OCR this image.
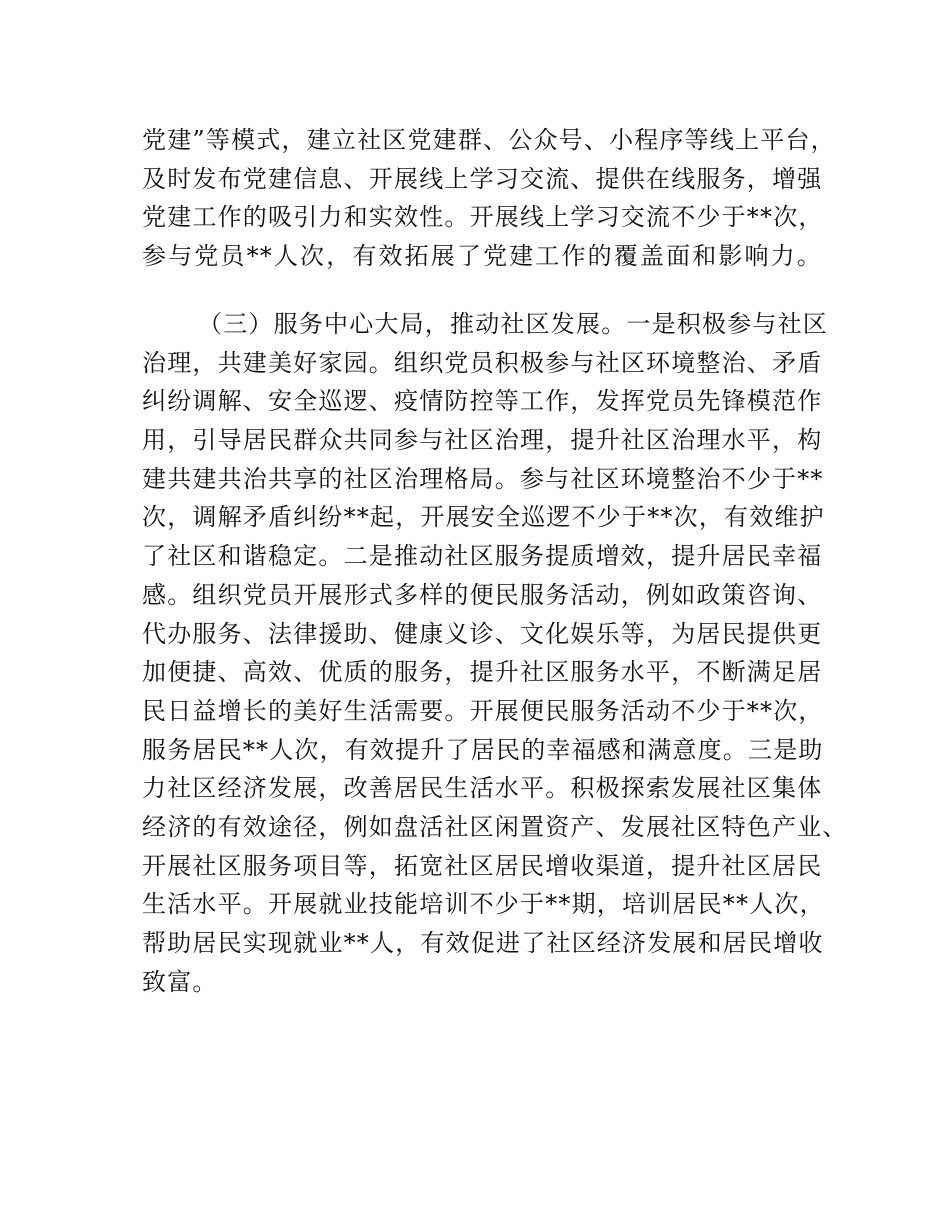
党建”等模式，建立社区党建群、公众号、小程序等线上平台，
及时发布党建信息、开展线上学习交流、提供在线服务，增强
党建工作的吸引力和实效性。开展线上学习交流不少于**次，
参与党员**人次，有效拓展了党建工作的覆盖面和影响力。
（三）服务中心大局，推动社区发展。一是积极参与社区
治理，共建美好家园。组织党员积极参与社区环境整治、矛盾
纠纷调解、安全巡逻、疫情防控等工作，发挥党员先锋模范作
用，引导居民群众共同参与社区治理，提升社区治理水平，构
建共建共治共享的社区治理格局。参与社区环境整治不少于**
次，调解矛盾纠纷**起，开展安全巡逻不少于**次，有效维护
了社区和谐稳定。二是推动社区服务提质增效，提升居民幸福
感。组织党员开展形式多样的便民服务活动，例如政策咨询、
代办服务、法律援助、健康义诊、文化娱乐等，为居民提供更
加便捷、高效、优质的服务，提升社区服务水平，不断满足居
民日益增长的美好生活需要。开展便民服务活动不少于**次，
服务居民**人次，有效提升了居民的幸福感和满意度。三是助
力社区经济发展，改善居民生活水平。积极探索发展社区集体
经济的有效途径，例如盘活社区闲置资产、发展社区特色产业、
开展社区服务项目等，拓宽社区居民增收渠道，提升社区居民
生活水平。开展就业技能培训不少于**期，培训居民**人次，
帮助居民实现就业**人，有效促进了社区经济发展和居民增收
致富。
